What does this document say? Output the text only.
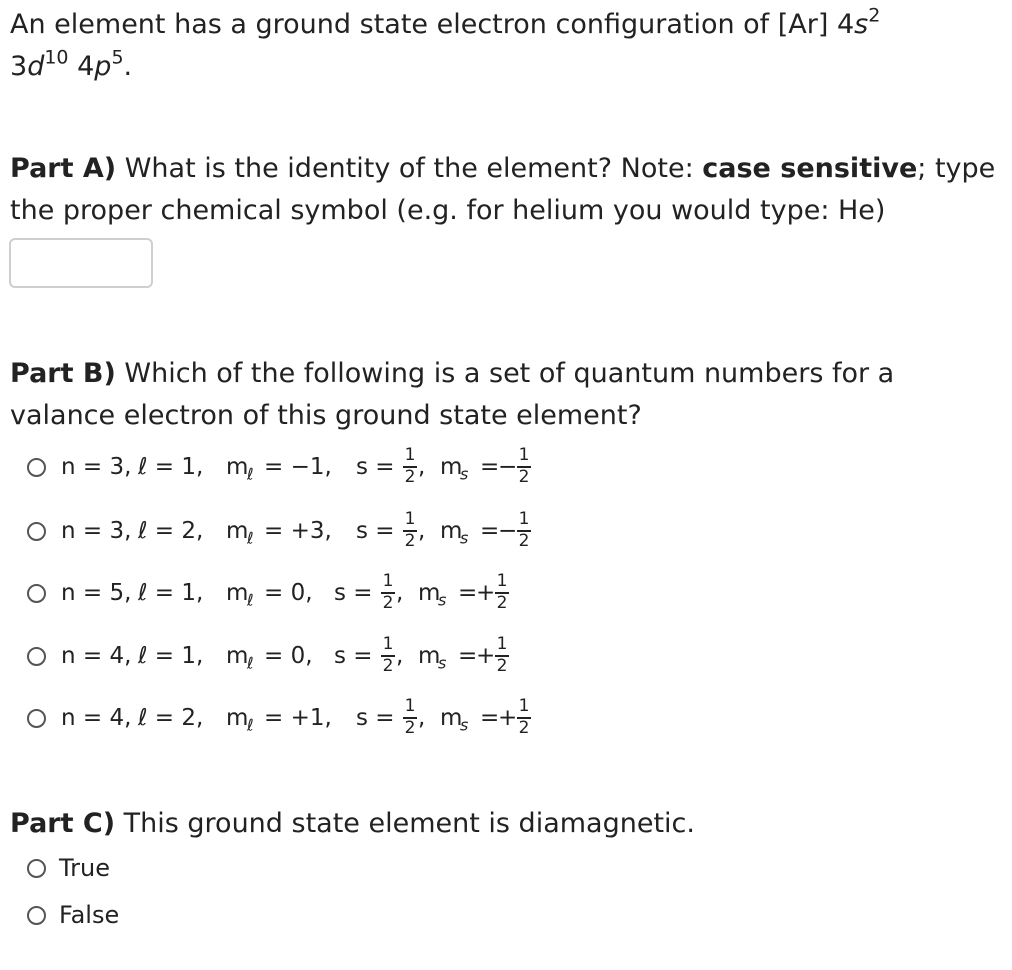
An element has a ground state electron configuration of [Ar] $4s^2$
$3d^{10}$ $4p^5$.
Part A) What is the identity of the element? Note: case sensitive; type the proper chemical symbol (e.g. for helium you would type: He)
Part B) Which of the following is a set of quantum numbers for a valance electron of this ground state element?
n = 3, ℓ = 1, m
ℓ = −1, s = 1
2 , m
s =
− 1
2
n = 3, ℓ = 2, m
ℓ = +3, s = 1
2 , m
s =
− 1
2
n = 5, ℓ = 1, m
ℓ = 0, s = 1
2 , m
s =
+ 1
2
n = 4, ℓ = 1, m
ℓ = 0, s = 1
2 , m
s =
+ 1
2
n = 4, ℓ = 2, m
ℓ = +1, s = 1
2 , m
s =
+ 1
2
Part C) This ground state element is diamagnetic.
True
False
